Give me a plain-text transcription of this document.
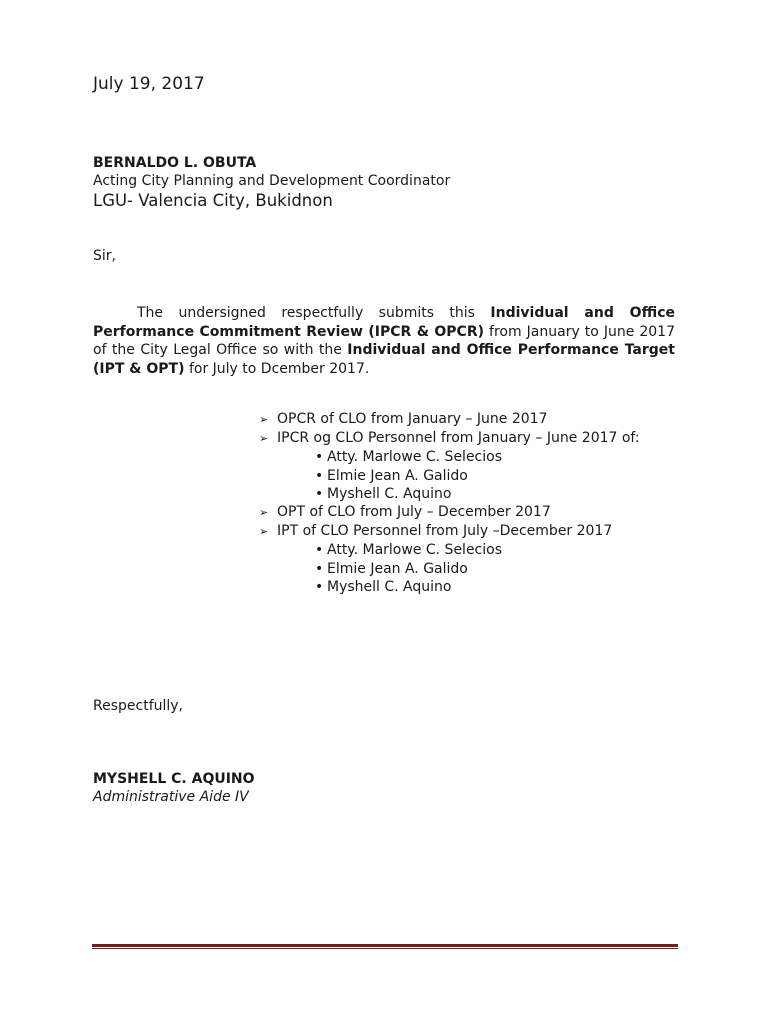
July 19, 2017
BERNALDO L. OBUTA
Acting City Planning and Development Coordinator
LGU- Valencia City, Bukidnon
Sir,

The undersigned respectfully submits this Individual and Office Performance Commitment Review (IPCR & OPCR) from January to June 2017 of the City Legal Office so with the Individual and Office Performance Target (IPT & OPT) for July to Dcember 2017.

➢ OPCR of CLO from January – June 2017
➢ IPCR og CLO Personnel from January – June 2017 of:
• Atty. Marlowe C. Selecios
• Elmie Jean A. Galido
• Myshell C. Aquino
➢ OPT of CLO from July – December 2017
➢ IPT of CLO Personnel from July –December 2017
• Atty. Marlowe C. Selecios
• Elmie Jean A. Galido
• Myshell C. Aquino
Respectfully,
MYSHELL C. AQUINO
Administrative Aide IV
